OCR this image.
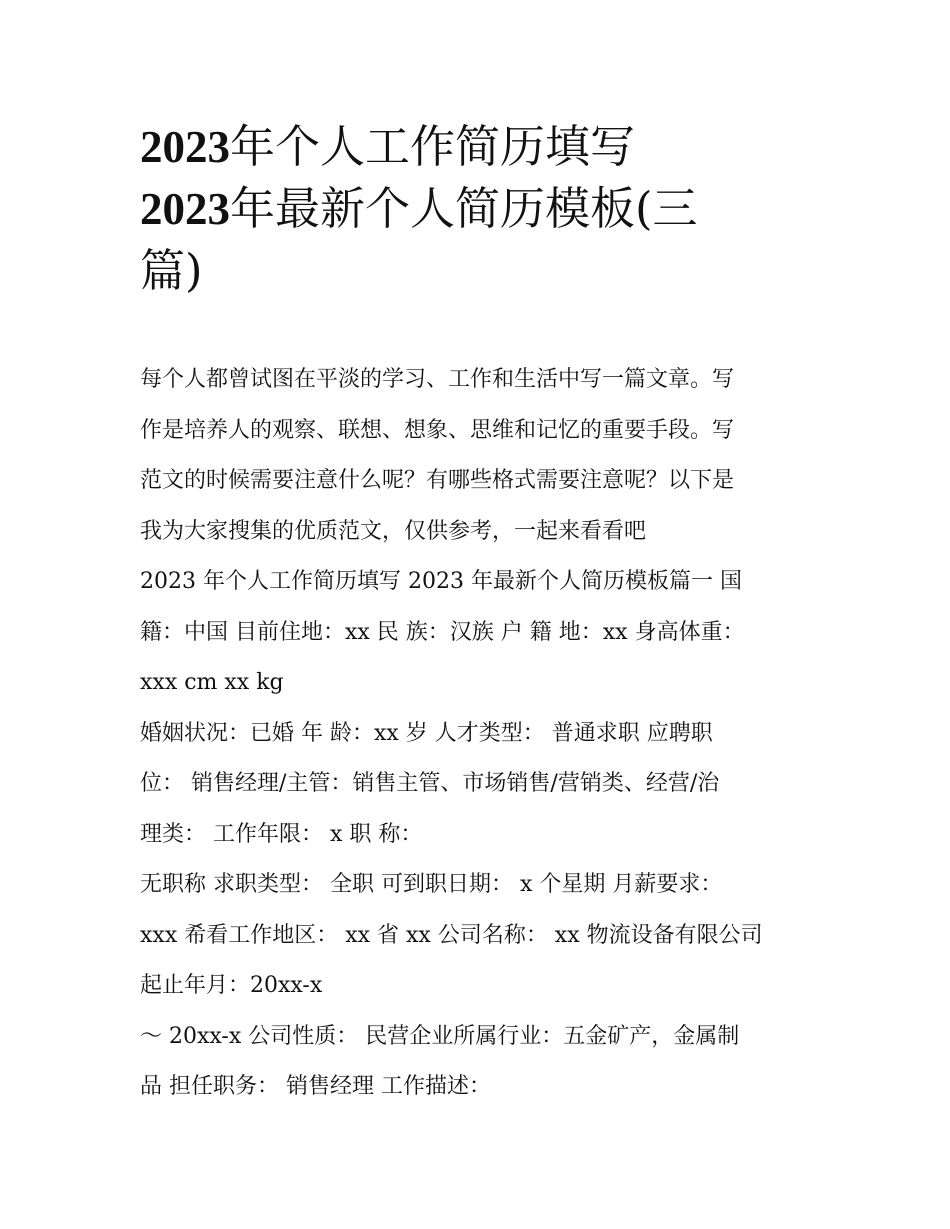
2023年个人工作简历填写
2023年最新个人简历模板(三
篇)
每个人都曾试图在平淡的学习、工作和生活中写一篇文章。写
作是培养人的观察、联想、想象、思维和记忆的重要手段。写
范文的时候需要注意什么呢？有哪些格式需要注意呢？以下是
我为大家搜集的优质范文，仅供参考，一起来看看吧
2023 年个人工作简历填写 2023 年最新个人简历模板篇一 国
籍：中国 目前住地：xx 民 族：汉族 户 籍 地：xx 身高体重：
xxx cm xx kg
婚姻状况：已婚 年 龄：xx 岁 人才类型： 普通求职 应聘职
位： 销售经理/主管：销售主管、市场销售/营销类、经营/治
理类： 工作年限： x 职 称：
无职称 求职类型： 全职 可到职日期： x 个星期 月薪要求：
xxx 希看工作地区： xx 省 xx 公司名称： xx 物流设备有限公司
起止年月：20xx-x
～ 20xx-x 公司性质： 民营企业所属行业：五金矿产，金属制
品 担任职务： 销售经理 工作描述：
